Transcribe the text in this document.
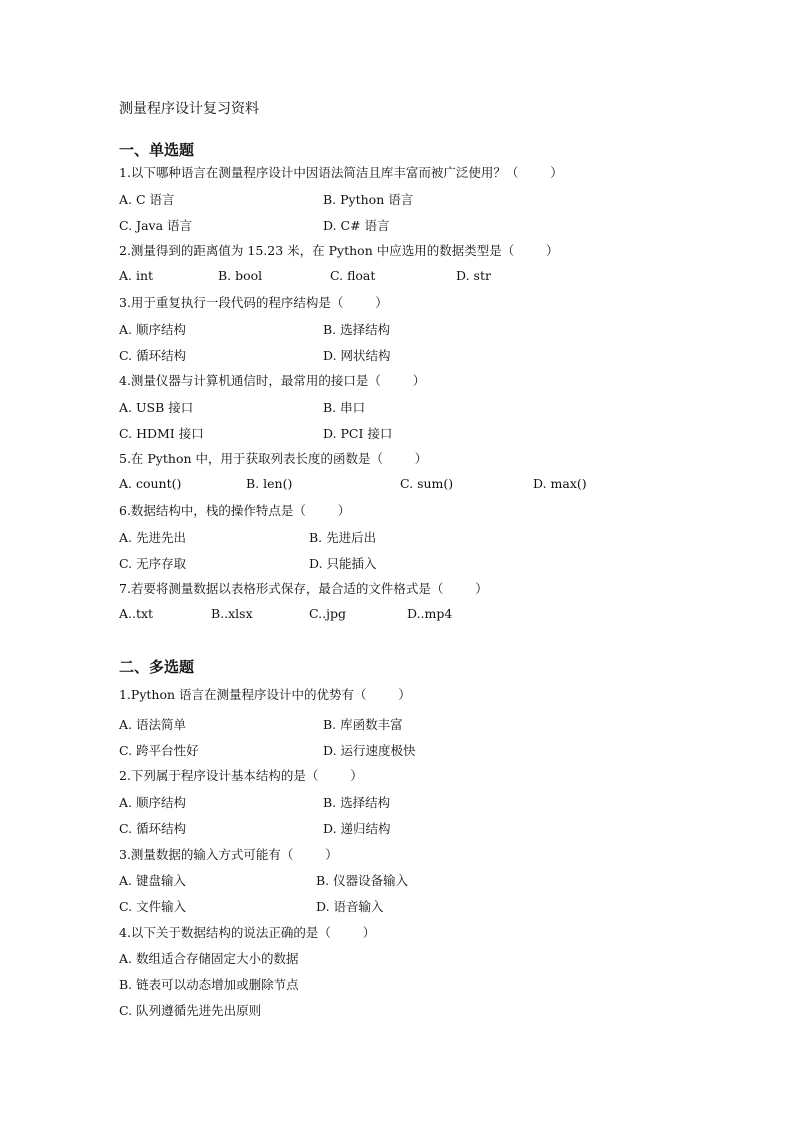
测量程序设计复习资料
一、单选题
1.以下哪种语言在测量程序设计中因语法简洁且库丰富而被广泛使用？（        ）
A. C 语言	B. Python 语言
C. Java 语言	D. C# 语言
2.测量得到的距离值为 15.23 米，在 Python 中应选用的数据类型是（        ）
A. int	B. bool	C. float	D. str
3.用于重复执行一段代码的程序结构是（        ）
A. 顺序结构	B. 选择结构
C. 循环结构	D. 网状结构
4.测量仪器与计算机通信时，最常用的接口是（        ）
A. USB 接口	B. 串口
C. HDMI 接口	D. PCI 接口
5.在 Python 中，用于获取列表长度的函数是（        ）
A. count()	B. len()	C. sum()	D. max()
6.数据结构中，栈的操作特点是（        ）
A. 先进先出	B. 先进后出
C. 无序存取	D. 只能插入
7.若要将测量数据以表格形式保存，最合适的文件格式是（        ）
A..txt	B..xlsx	C..jpg	D..mp4
二、多选题
1.Python 语言在测量程序设计中的优势有（        ）
A. 语法简单	B. 库函数丰富
C. 跨平台性好	D. 运行速度极快
2.下列属于程序设计基本结构的是（        ）
A. 顺序结构	B. 选择结构
C. 循环结构	D. 递归结构
3.测量数据的输入方式可能有（        ）
A. 键盘输入	B. 仪器设备输入
C. 文件输入	D. 语音输入
4.以下关于数据结构的说法正确的是（        ）
A. 数组适合存储固定大小的数据
B. 链表可以动态增加或删除节点
C. 队列遵循先进先出原则
